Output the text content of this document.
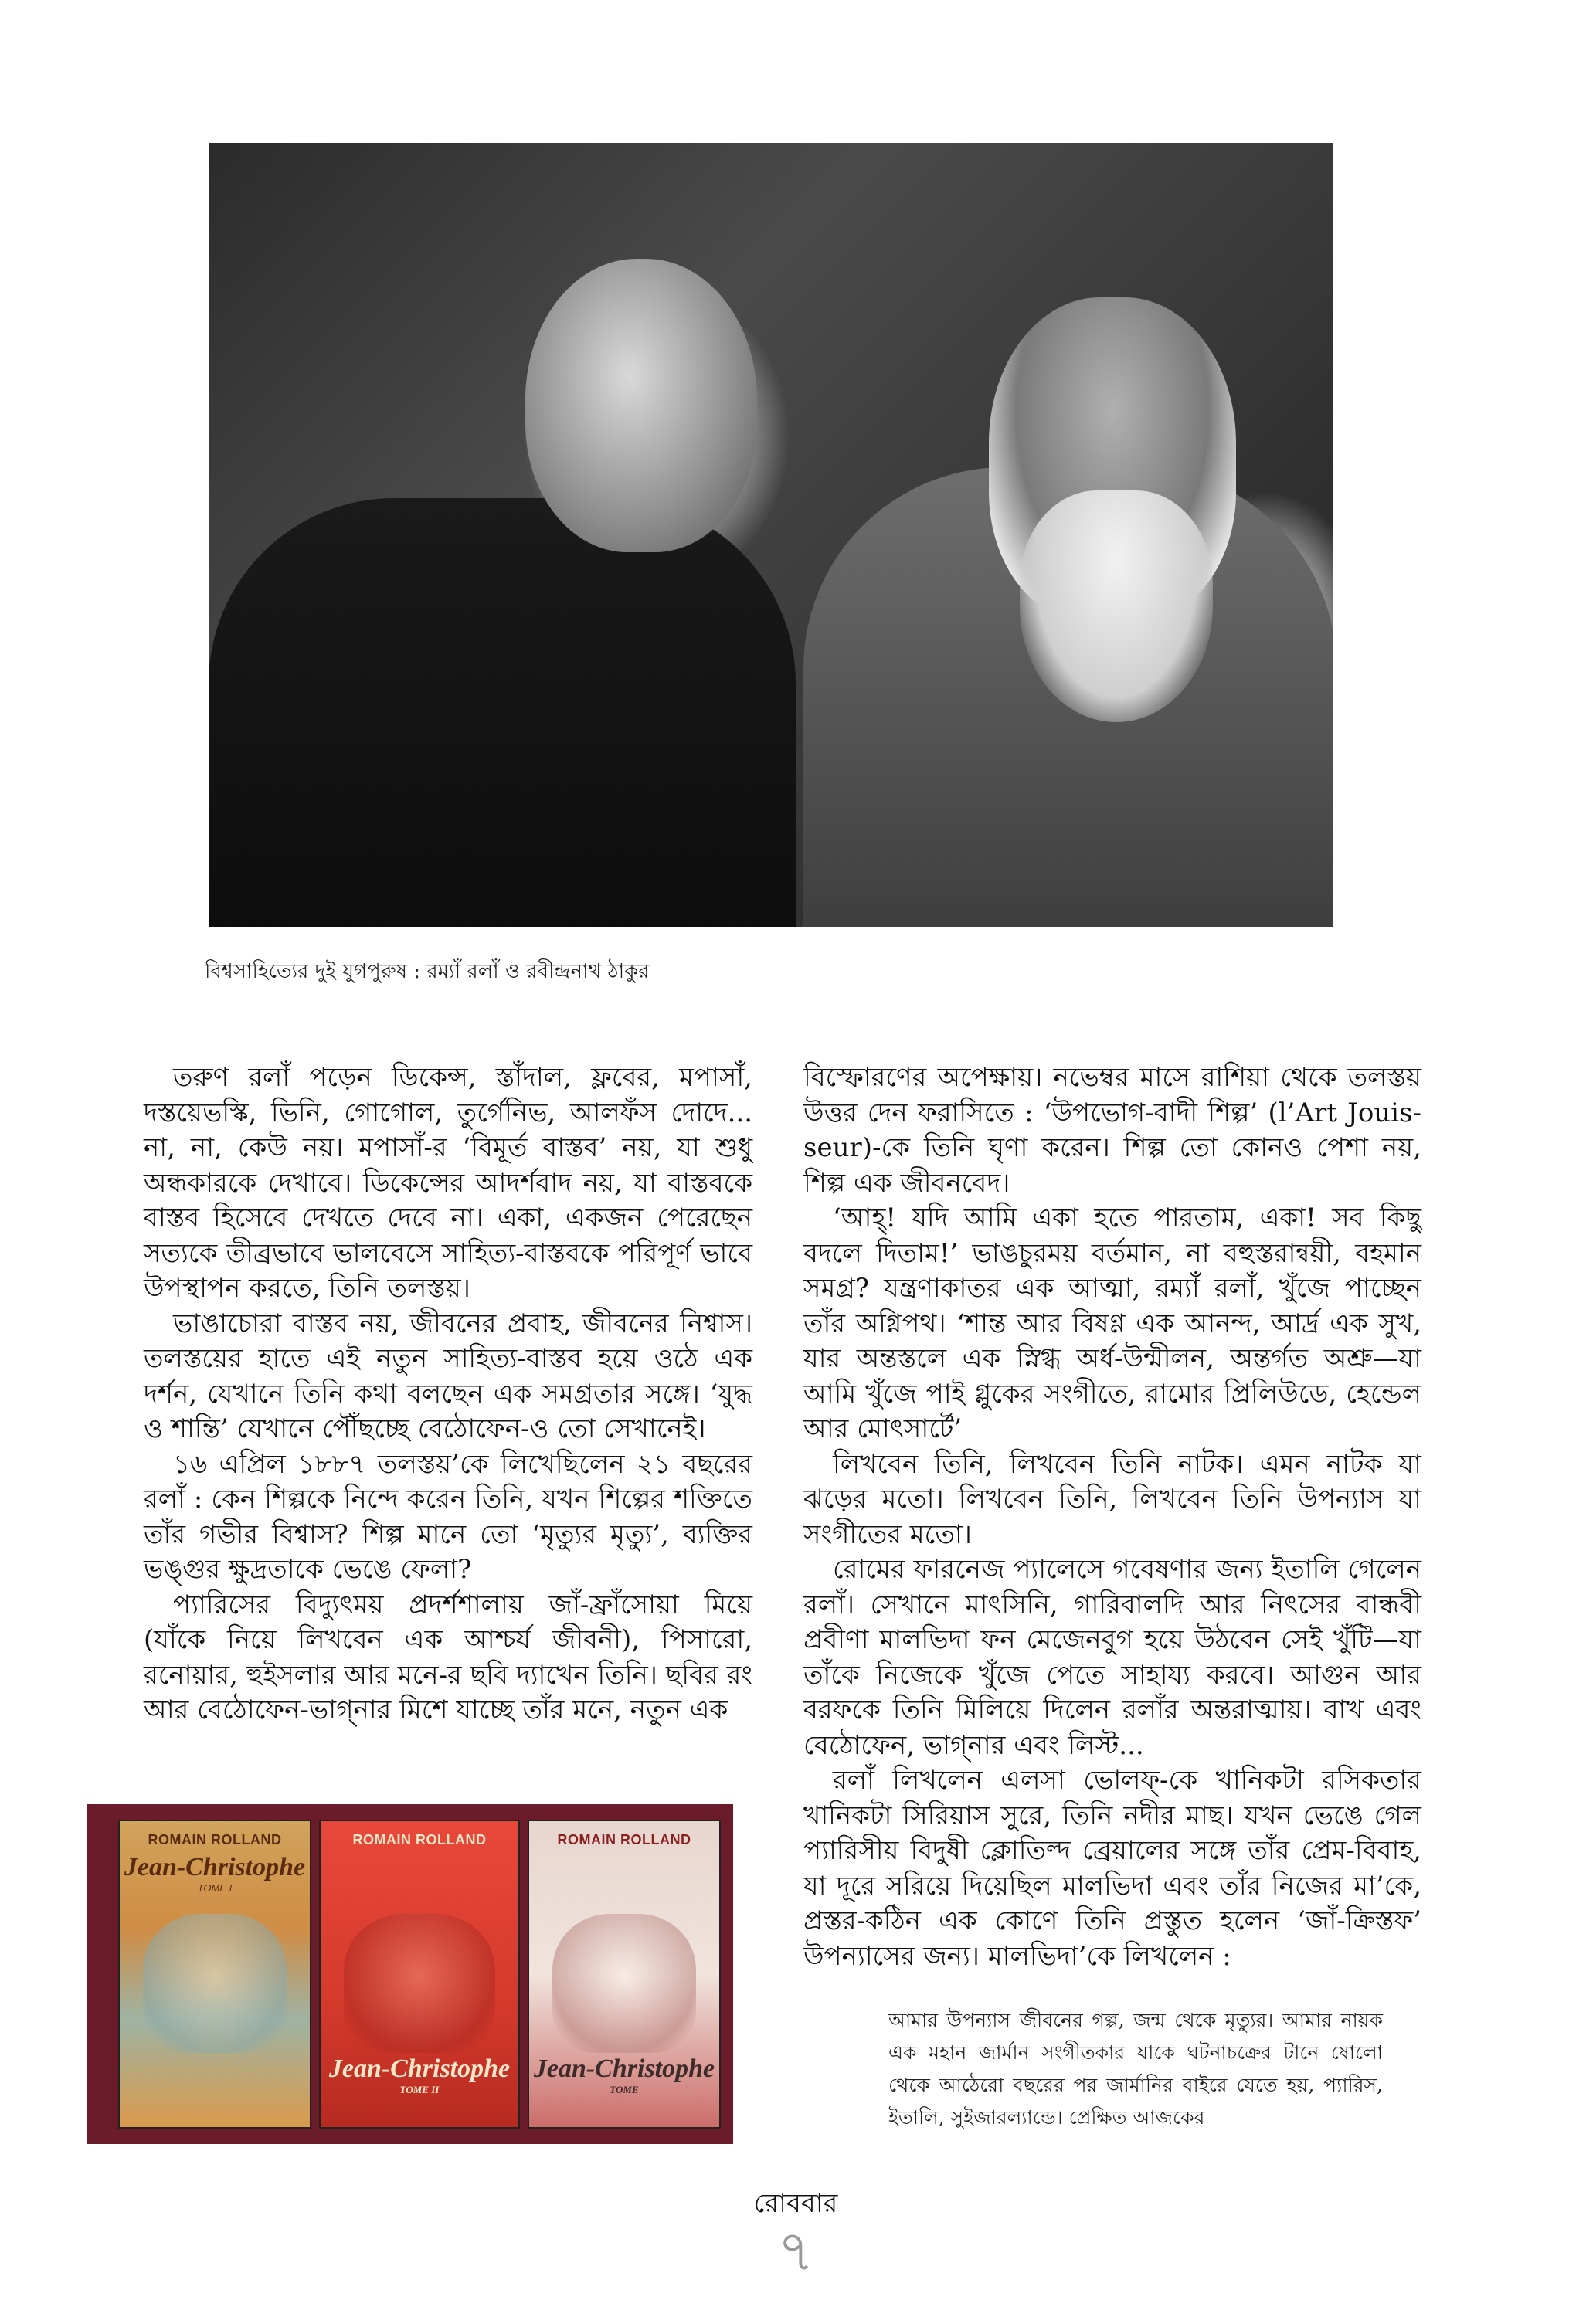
বিশ্বসাহিত্যের দুই যুগপুরুষ : রম্যাঁ রলাঁ ও রবীন্দ্রনাথ ঠাকুর

তরুণ রলাঁ পড়েন ডিকেন্স, স্তাঁদাল, ফ্লবের, মপাসাঁ, দস্তয়েভস্কি, ভিনি, গোগোল, তুর্গেনিভ, আলফঁস দোদে... না, না, কেউ নয়। মপাসাঁ-র ‘বিমূর্ত বাস্তব’ নয়, যা শুধু অন্ধকারকে দেখাবে। ডিকেন্সের আদর্শবাদ নয়, যা বাস্তবকে বাস্তব হিসেবে দেখতে দেবে না। একা, একজন পেরেছেন সত্যকে তীব্রভাবে ভালবেসে সাহিত্য-বাস্তবকে পরিপূর্ণ ভাবে উপস্থাপন করতে, তিনি তলস্তয়।

ভাঙাচোরা বাস্তব নয়, জীবনের প্রবাহ, জীবনের নিশ্বাস। তলস্তয়ের হাতে এই নতুন সাহিত্য-বাস্তব হয়ে ওঠে এক দর্শন, যেখানে তিনি কথা বলছেন এক সমগ্রতার সঙ্গে। ‘যুদ্ধ ও শান্তি’ যেখানে পৌঁছচ্ছে বেঠোফেন-ও তো সেখানেই।

১৬ এপ্রিল ১৮৮৭ তলস্তয়’কে লিখেছিলেন ২১ বছরের রলাঁ : কেন শিল্পকে নিন্দে করেন তিনি, যখন শিল্পের শক্তিতে তাঁর গভীর বিশ্বাস? শিল্প মানে তো ‘মৃত্যুর মৃত্যু’, ব্যক্তির ভঙ্গুর ক্ষুদ্রতাকে ভেঙে ফেলা?

প্যারিসের বিদ্যুৎময় প্রদর্শশালায় জাঁ-ফ্রাঁসোয়া মিয়ে (যাঁকে নিয়ে লিখবেন এক আশ্চর্য জীবনী), পিসারো, রনোয়ার, হুইসলার আর মনে-র ছবি দ্যাখেন তিনি। ছবির রং আর বেঠোফেন-ভাগ্‌নার মিশে যাচ্ছে তাঁর মনে, নতুন এক

বিস্ফোরণের অপেক্ষায়। নভেম্বর মাসে রাশিয়া থেকে তলস্তয় উত্তর দেন ফরাসিতে : ‘উপভোগ-বাদী শিল্প’ (l’Art Jouis-seur)-কে তিনি ঘৃণা করেন। শিল্প তো কোনও পেশা নয়, শিল্প এক জীবনবেদ।

‘আহ্‌! যদি আমি একা হতে পারতাম, একা! সব কিছু বদলে দিতাম!’ ভাঙচুরময় বর্তমান, না বহুস্তরান্বয়ী, বহমান সমগ্র? যন্ত্রণাকাতর এক আত্মা, রম্যাঁ রলাঁ, খুঁজে পাচ্ছেন তাঁর অগ্নিপথ। ‘শান্ত আর বিষণ্ণ এক আনন্দ, আর্দ্র এক সুখ, যার অন্তস্তলে এক স্নিগ্ধ অর্ধ-উন্মীলন, অন্তর্গত অশ্রু—যা আমি খুঁজে পাই গ্লুকের সংগীতে, রামোর প্রিলিউডে, হেন্ডেল আর মোৎসার্টে’

লিখবেন তিনি, লিখবেন তিনি নাটক। এমন নাটক যা ঝড়ের মতো। লিখবেন তিনি, লিখবেন তিনি উপন্যাস যা সংগীতের মতো।

রোমের ফারনেজ প্যালেসে গবেষণার জন্য ইতালি গেলেন রলাঁ। সেখানে মাৎসিনি, গারিবালদি আর নিৎসের বান্ধবী প্রবীণা মালভিদা ফন মেজেনবুগ হয়ে উঠবেন সেই খুঁটি—যা তাঁকে নিজেকে খুঁজে পেতে সাহায্য করবে। আগুন আর বরফকে তিনি মিলিয়ে দিলেন রলাঁর অন্তরাত্মায়। বাখ এবং বেঠোফেন, ভাগ্‌নার এবং লিস্ট...

রলাঁ লিখলেন এলসা ভোলফ্‌-কে খানিকটা রসিকতার খানিকটা সিরিয়াস সুরে, তিনি নদীর মাছ। যখন ভেঙে গেল প্যারিসীয় বিদুষী ক্লোতিল্দ ব্রেয়ালের সঙ্গে তাঁর প্রেম-বিবাহ, যা দূরে সরিয়ে দিয়েছিল মালভিদা এবং তাঁর নিজের মা’কে, প্রস্তর-কঠিন এক কোণে তিনি প্রস্তুত হলেন ‘জাঁ-ক্রিস্তফ’ উপন্যাসের জন্য। মালভিদা’কে লিখলেন :

ROMAIN ROLLAND
Jean-Christophe
TOME I
ROMAIN ROLLAND
Jean-Christophe
TOME II
ROMAIN ROLLAND
Jean-Christophe
TOME
আমার উপন্যাস জীবনের গল্প, জন্ম থেকে মৃত্যুর। আমার নায়ক এক মহান জার্মান সংগীতকার যাকে ঘটনাচক্রের টানে ষোলো থেকে আঠেরো বছরের পর জার্মানির বাইরে যেতে হয়, প্যারিস, ইতালি, সুইজারল্যান্ডে। প্রেক্ষিত আজকের
রোববার
৭
